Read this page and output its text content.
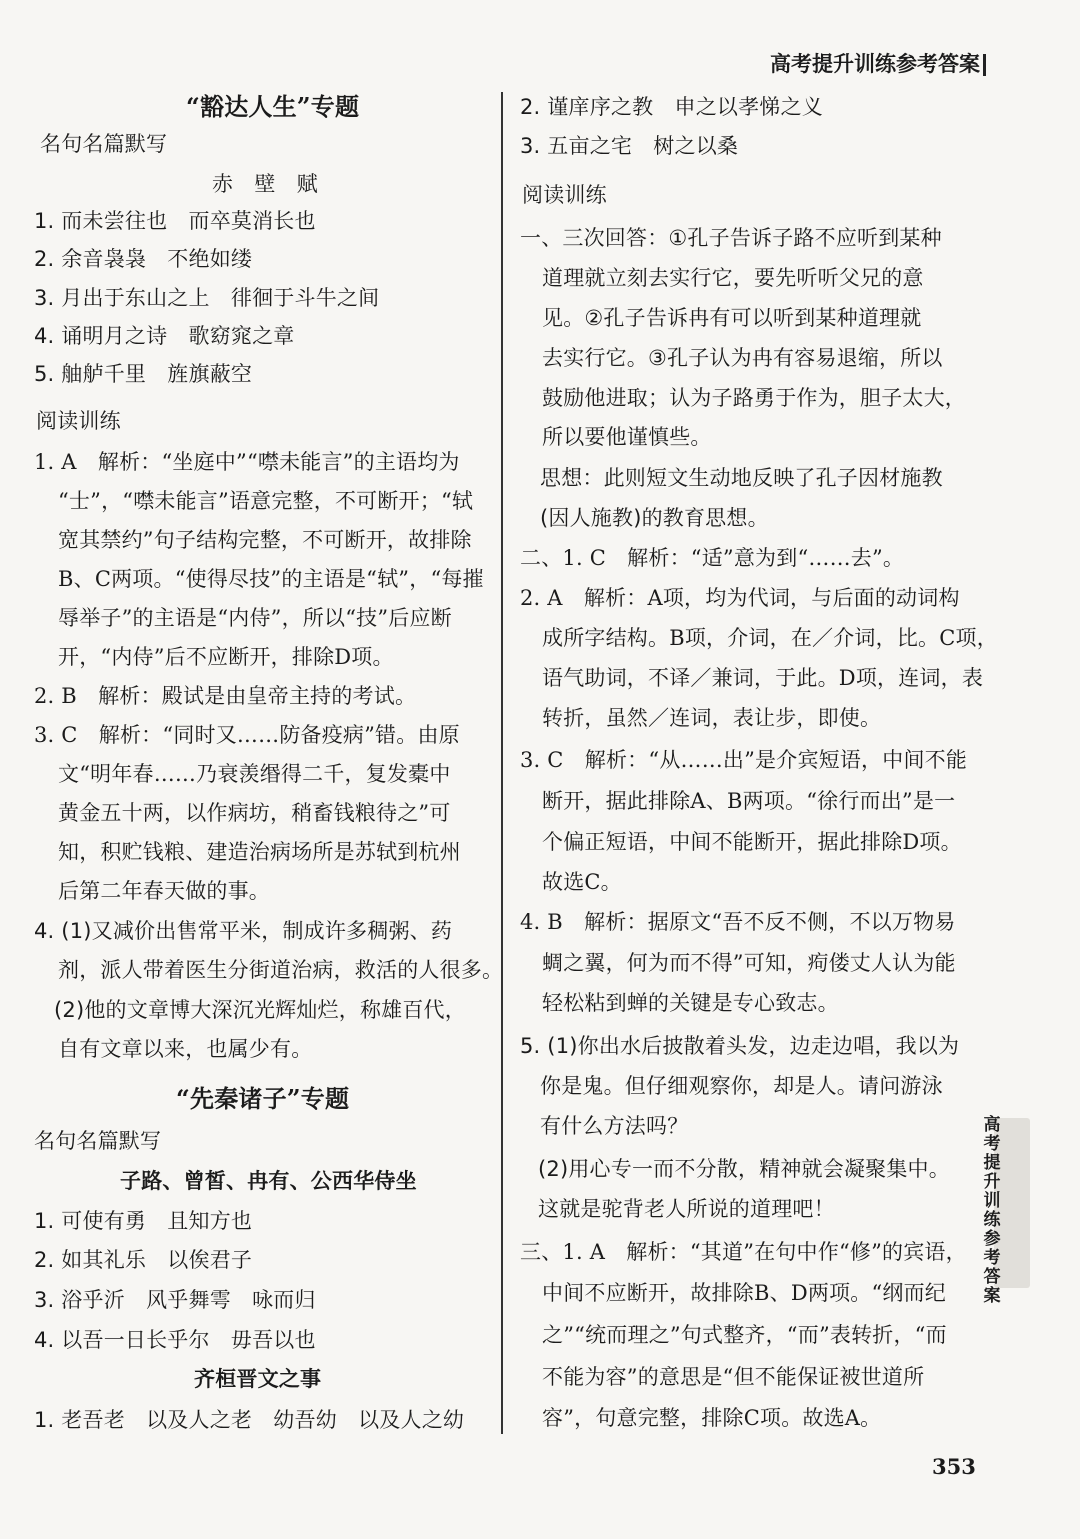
高考提升训练参考答案
“豁达人生”专题
名句名篇默写
赤　壁　赋
1. 而未尝往也　而卒莫消长也
2. 余音袅袅　不绝如缕
3. 月出于东山之上　徘徊于斗牛之间
4. 诵明月之诗　歌窈窕之章
5. 舳舻千里　旌旗蔽空
阅读训练
1. A　解析：“坐庭中”“噤未能言”的主语均为
“士”，“噤未能言”语意完整，不可断开；“轼
宽其禁约”句子结构完整，不可断开，故排除
B、C两项。“使得尽技”的主语是“轼”，“每摧
辱举子”的主语是“内侍”，所以“技”后应断
开，“内侍”后不应断开，排除D项。
2. B　解析：殿试是由皇帝主持的考试。
3. C　解析：“同时又……防备疫病”错。由原
文“明年春……乃衰羡缗得二千，复发橐中
黄金五十两，以作病坊，稍畜钱粮待之”可
知，积贮钱粮、建造治病场所是苏轼到杭州
后第二年春天做的事。
4. (1)又减价出售常平米，制成许多稠粥、药
剂，派人带着医生分街道治病，救活的人很多。
(2)他的文章博大深沉光辉灿烂，称雄百代，
自有文章以来，也属少有。
“先秦诸子”专题
名句名篇默写
子路、曾皙、冉有、公西华侍坐
1. 可使有勇　且知方也
2. 如其礼乐　以俟君子
3. 浴乎沂　风乎舞雩　咏而归
4. 以吾一日长乎尔　毋吾以也
齐桓晋文之事
1. 老吾老　以及人之老　幼吾幼　以及人之幼
2. 谨庠序之教　申之以孝悌之义
3. 五亩之宅　树之以桑
阅读训练
一、三次回答：①孔子告诉子路不应听到某种
道理就立刻去实行它，要先听听父兄的意
见。②孔子告诉冉有可以听到某种道理就
去实行它。③孔子认为冉有容易退缩，所以
鼓励他进取；认为子路勇于作为，胆子太大，
所以要他谨慎些。
思想：此则短文生动地反映了孔子因材施教
(因人施教)的教育思想。
二、1. C　解析：“适”意为到“……去”。
2. A　解析：A项，均为代词，与后面的动词构
成所字结构。B项，介词，在／介词，比。C项，
语气助词，不译／兼词，于此。D项，连词，表
转折，虽然／连词，表让步，即使。
3. C　解析：“从……出”是介宾短语，中间不能
断开，据此排除A、B两项。“徐行而出”是一
个偏正短语，中间不能断开，据此排除D项。
故选C。
4. B　解析：据原文“吾不反不侧，不以万物易
蜩之翼，何为而不得”可知，痀偻丈人认为能
轻松粘到蝉的关键是专心致志。
5. (1)你出水后披散着头发，边走边唱，我以为
你是鬼。但仔细观察你，却是人。请问游泳
有什么方法吗？
(2)用心专一而不分散，精神就会凝聚集中。
这就是驼背老人所说的道理吧！
三、1. A　解析：“其道”在句中作“修”的宾语，
中间不应断开，故排除B、D两项。“纲而纪
之”“统而理之”句式整齐，“而”表转折，“而
不能为容”的意思是“但不能保证被世道所
容”，句意完整，排除C项。故选A。
高考提升训练参考答案
353
